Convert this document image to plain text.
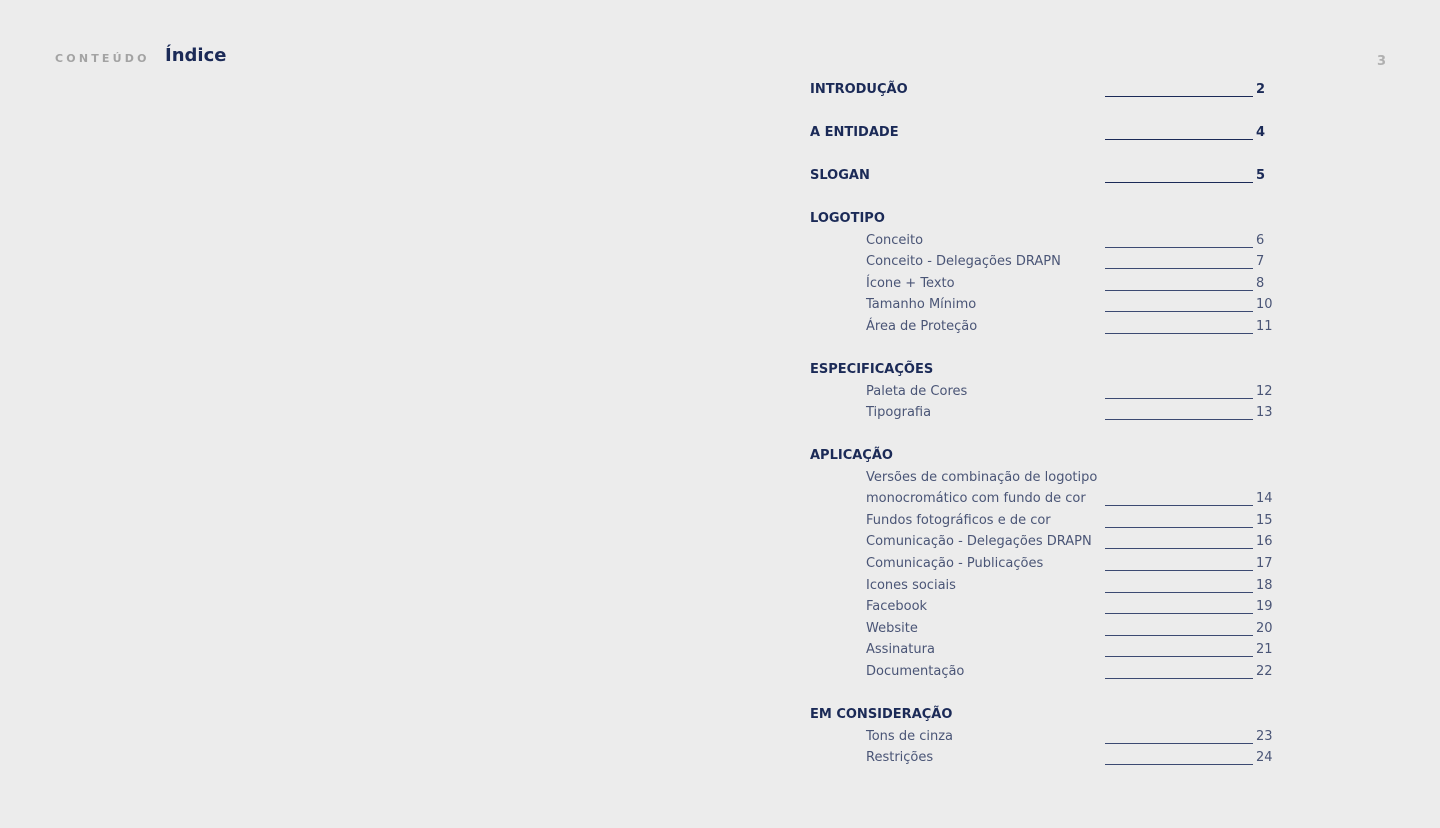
CONTEÚDO Índice	3
INTRODUÇÃO	2
A ENTIDADE	4
SLOGAN	5
LOGOTIPO
Conceito	6
Conceito - Delegações DRAPN	7
Ícone + Texto	8
Tamanho Mínimo	10
Área de Proteção	11
ESPECIFICAÇÕES
Paleta de Cores	12
Tipografia	13
APLICAÇÃO
Versões de combinação de logotipo
monocromático com fundo de cor	14
Fundos fotográficos e de cor	15
Comunicação - Delegações DRAPN	16
Comunicação - Publicações	17
Icones sociais	18
Facebook	19
Website	20
Assinatura	21
Documentação	22
EM CONSIDERAÇÃO
Tons de cinza	23
Restrições	24
